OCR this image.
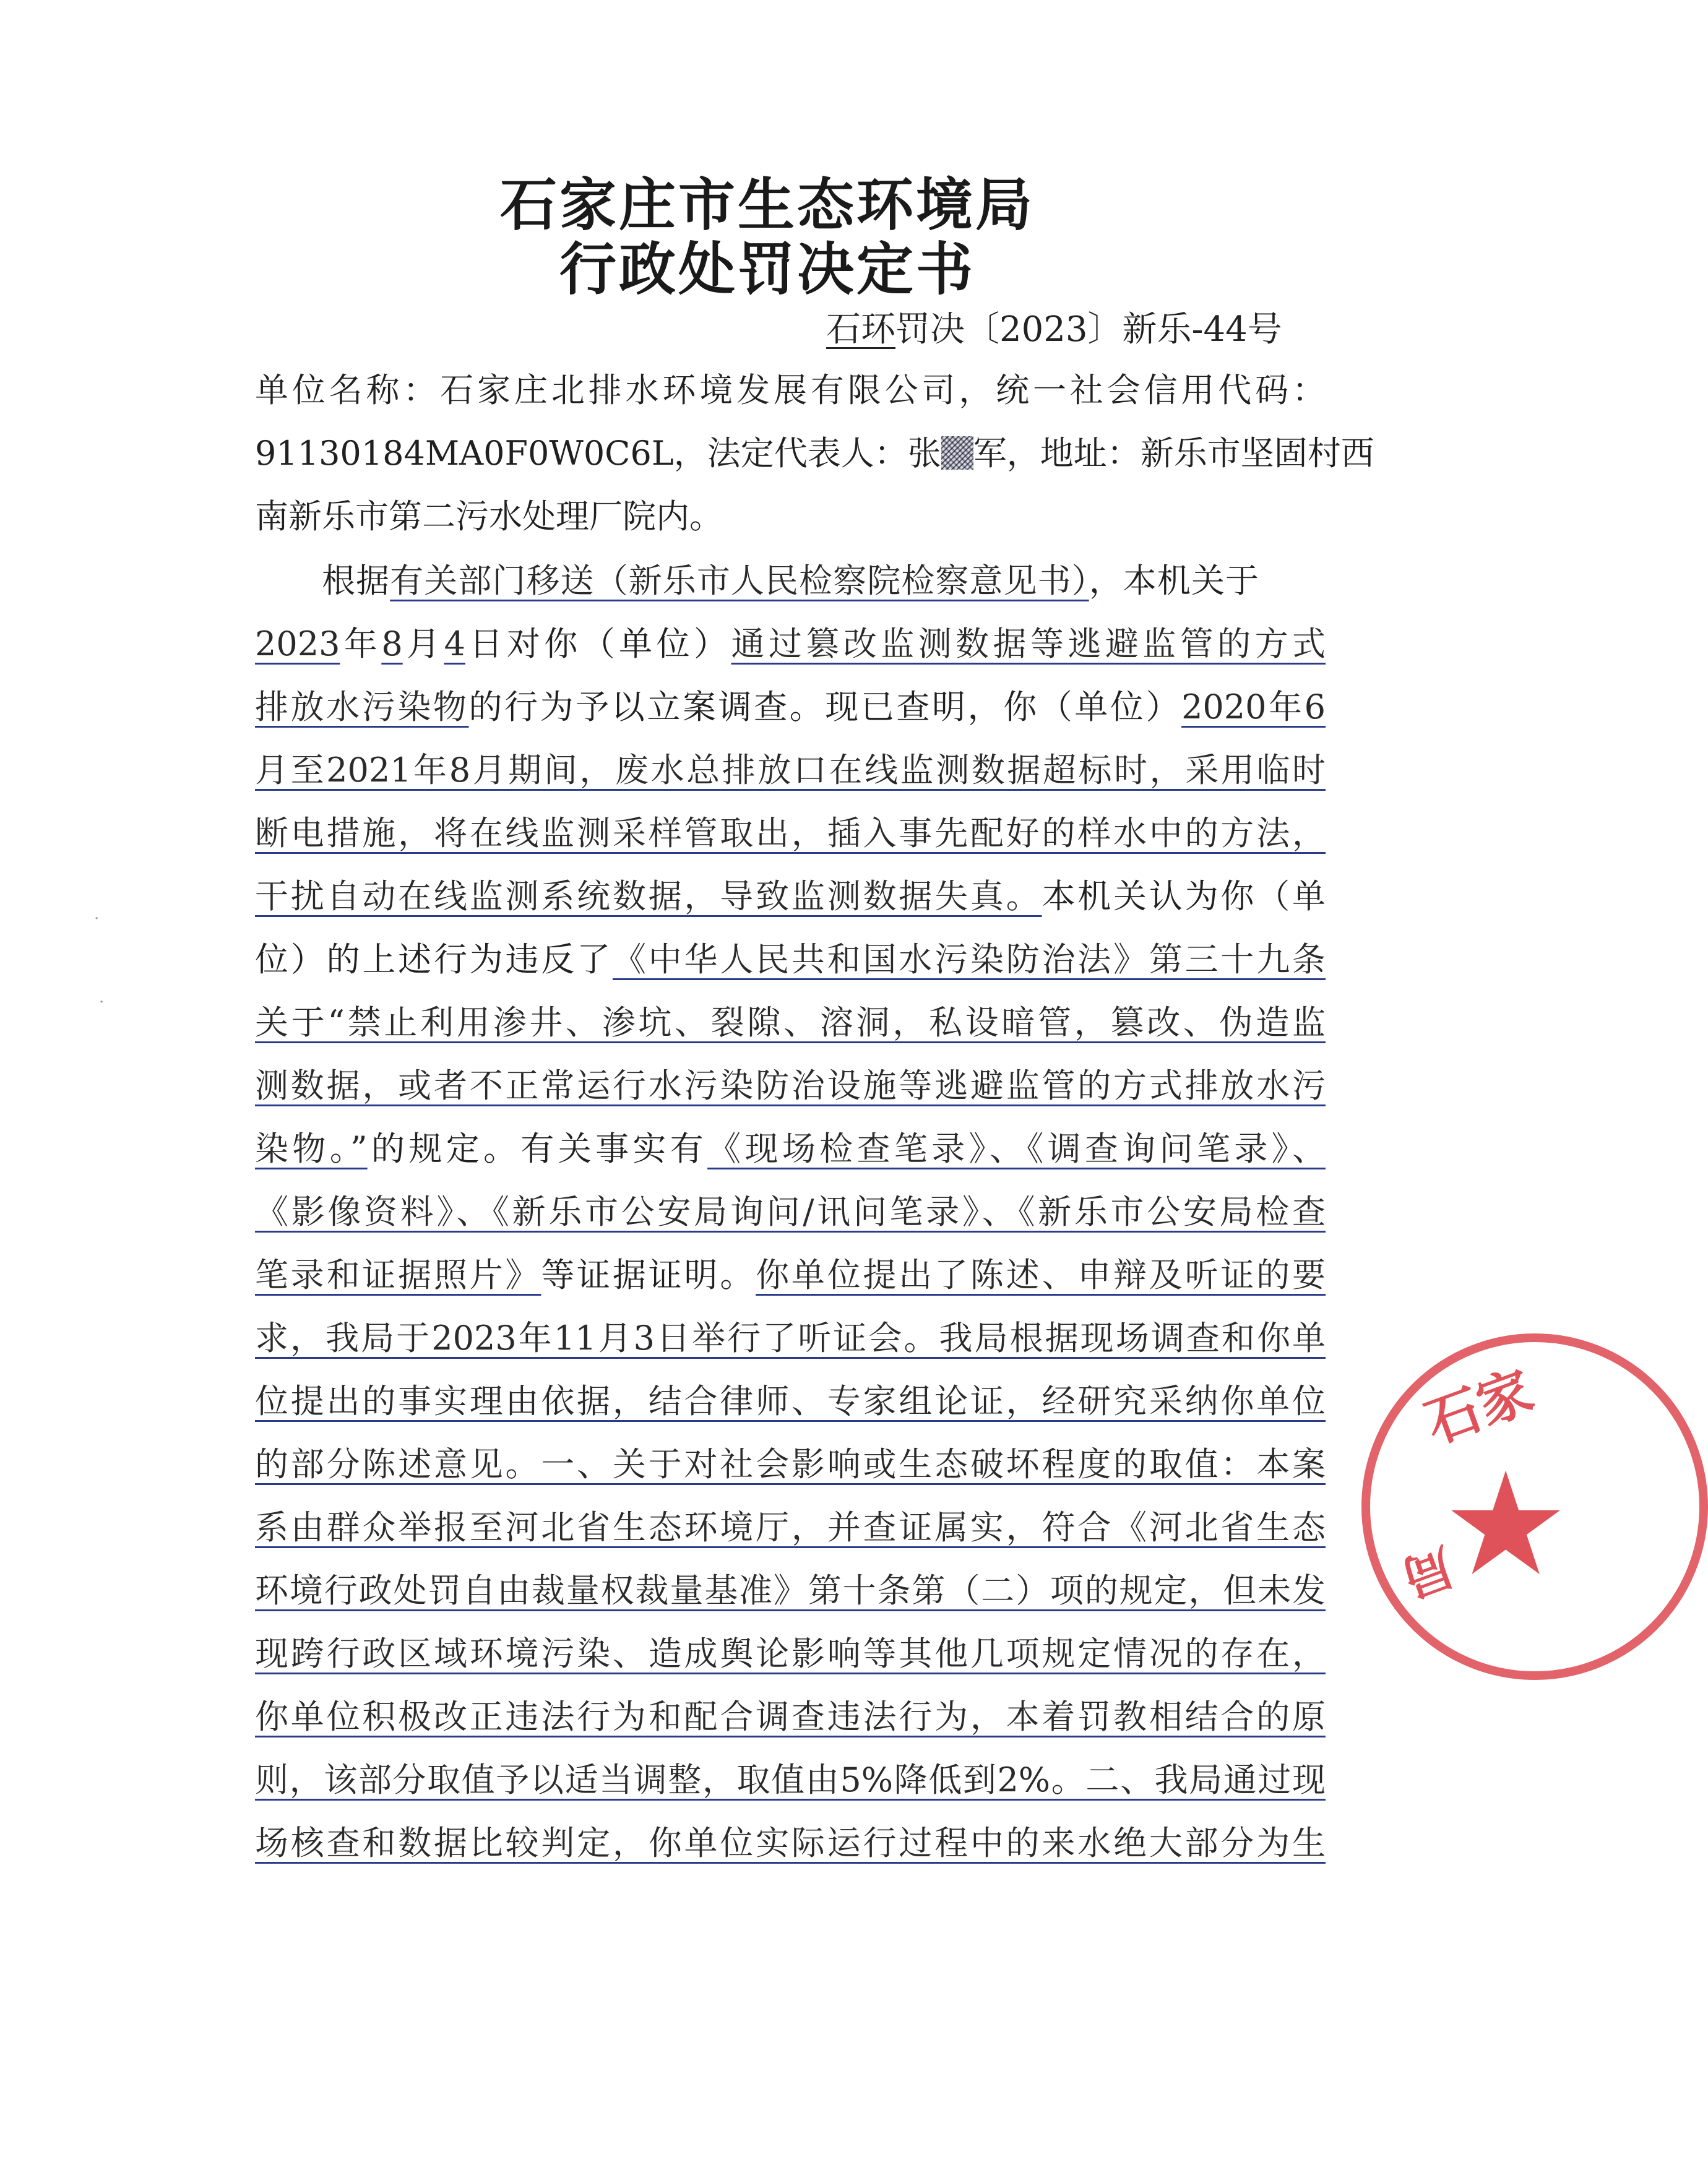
石家庄市生态环境局
行政处罚决定书
石环罚决〔2023〕新乐-44号
单位名称：石家庄北排水环境发展有限公司，统一社会信用代码：
91130184MA0F0W0C6L，法定代表人：张 军，地址：新乐市坚固村西
南新乐市第二污水处理厂院内。
根据有关部门移送（新乐市人民检察院检察意见书），本机关于
2023年8月4日对你（单位）通过篡改监测数据等逃避监管的方式
排放水污染物的行为予以立案调查。现已查明，你（单位）2020年6
月至2021年8月期间，废水总排放口在线监测数据超标时，采用临时
断电措施，将在线监测采样管取出，插入事先配好的样水中的方法，
干扰自动在线监测系统数据，导致监测数据失真。本机关认为你（单
位）的上述行为违反了《中华人民共和国水污染防治法》第三十九条
关于“禁止利用渗井、渗坑、裂隙、溶洞，私设暗管，篡改、伪造监
测数据，或者不正常运行水污染防治设施等逃避监管的方式排放水污
染物。”的规定。有关事实有《现场检查笔录》、《调查询问笔录》、
《影像资料》、《新乐市公安局询问/讯问笔录》、《新乐市公安局检查
笔录和证据照片》等证据证明。你单位提出了陈述、申辩及听证的要
求，我局于2023年11月3日举行了听证会。我局根据现场调查和你单
位提出的事实理由依据，结合律师、专家组论证，经研究采纳你单位
的部分陈述意见。一、关于对社会影响或生态破坏程度的取值：本案
系由群众举报至河北省生态环境厅，并查证属实，符合《河北省生态
环境行政处罚自由裁量权裁量基准》第十条第（二）项的规定，但未发
现跨行政区域环境污染、造成舆论影响等其他几项规定情况的存在，
你单位积极改正违法行为和配合调查违法行为，本着罚教相结合的原
则，该部分取值予以适当调整，取值由5%降低到2%。二、我局通过现
场核查和数据比较判定，你单位实际运行过程中的来水绝大部分为生
石家
★
局
·
·
